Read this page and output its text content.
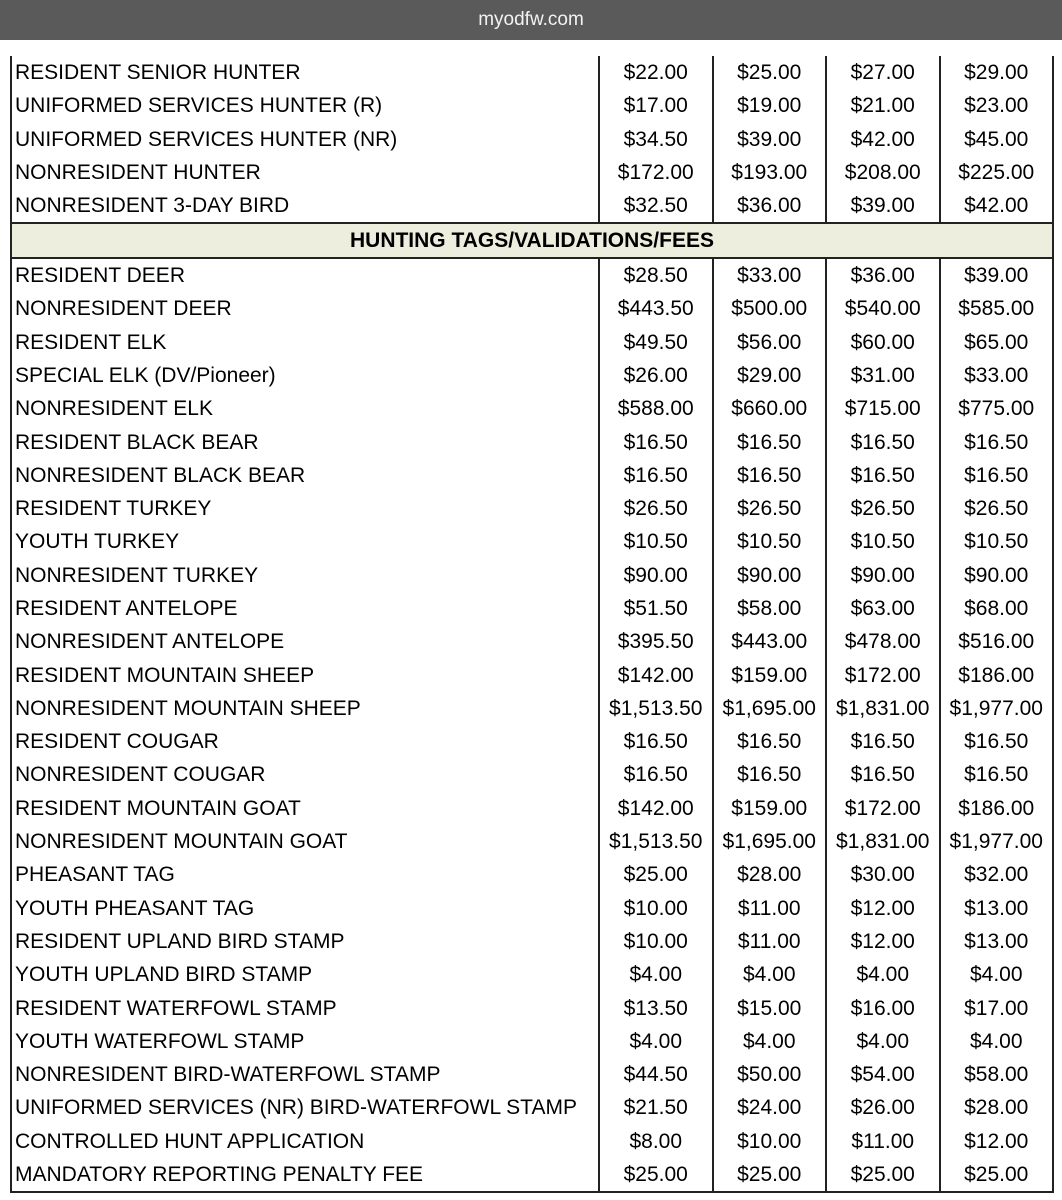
myodfw.com
RESIDENT SENIOR HUNTER	$22.00	$25.00	$27.00	$29.00
UNIFORMED SERVICES HUNTER (R)	$17.00	$19.00	$21.00	$23.00
UNIFORMED SERVICES HUNTER (NR)	$34.50	$39.00	$42.00	$45.00
NONRESIDENT HUNTER	$172.00	$193.00	$208.00	$225.00
NONRESIDENT 3-DAY BIRD	$32.50	$36.00	$39.00	$42.00
HUNTING TAGS/VALIDATIONS/FEES				
RESIDENT DEER	$28.50	$33.00	$36.00	$39.00
NONRESIDENT DEER	$443.50	$500.00	$540.00	$585.00
RESIDENT ELK	$49.50	$56.00	$60.00	$65.00
SPECIAL ELK (DV/Pioneer)	$26.00	$29.00	$31.00	$33.00
NONRESIDENT ELK	$588.00	$660.00	$715.00	$775.00
RESIDENT BLACK BEAR	$16.50	$16.50	$16.50	$16.50
NONRESIDENT BLACK BEAR	$16.50	$16.50	$16.50	$16.50
RESIDENT TURKEY	$26.50	$26.50	$26.50	$26.50
YOUTH TURKEY	$10.50	$10.50	$10.50	$10.50
NONRESIDENT TURKEY	$90.00	$90.00	$90.00	$90.00
RESIDENT ANTELOPE	$51.50	$58.00	$63.00	$68.00
NONRESIDENT ANTELOPE	$395.50	$443.00	$478.00	$516.00
RESIDENT MOUNTAIN SHEEP	$142.00	$159.00	$172.00	$186.00
NONRESIDENT MOUNTAIN SHEEP	$1,513.50	$1,695.00	$1,831.00	$1,977.00
RESIDENT COUGAR	$16.50	$16.50	$16.50	$16.50
NONRESIDENT COUGAR	$16.50	$16.50	$16.50	$16.50
RESIDENT MOUNTAIN GOAT	$142.00	$159.00	$172.00	$186.00
NONRESIDENT MOUNTAIN GOAT	$1,513.50	$1,695.00	$1,831.00	$1,977.00
PHEASANT TAG	$25.00	$28.00	$30.00	$32.00
YOUTH PHEASANT TAG	$10.00	$11.00	$12.00	$13.00
RESIDENT UPLAND BIRD STAMP	$10.00	$11.00	$12.00	$13.00
YOUTH UPLAND BIRD STAMP	$4.00	$4.00	$4.00	$4.00
RESIDENT WATERFOWL STAMP	$13.50	$15.00	$16.00	$17.00
YOUTH WATERFOWL STAMP	$4.00	$4.00	$4.00	$4.00
NONRESIDENT BIRD-WATERFOWL STAMP	$44.50	$50.00	$54.00	$58.00
UNIFORMED SERVICES (NR) BIRD-WATERFOWL STAMP	$21.50	$24.00	$26.00	$28.00
CONTROLLED HUNT APPLICATION	$8.00	$10.00	$11.00	$12.00
MANDATORY REPORTING PENALTY FEE	$25.00	$25.00	$25.00	$25.00
